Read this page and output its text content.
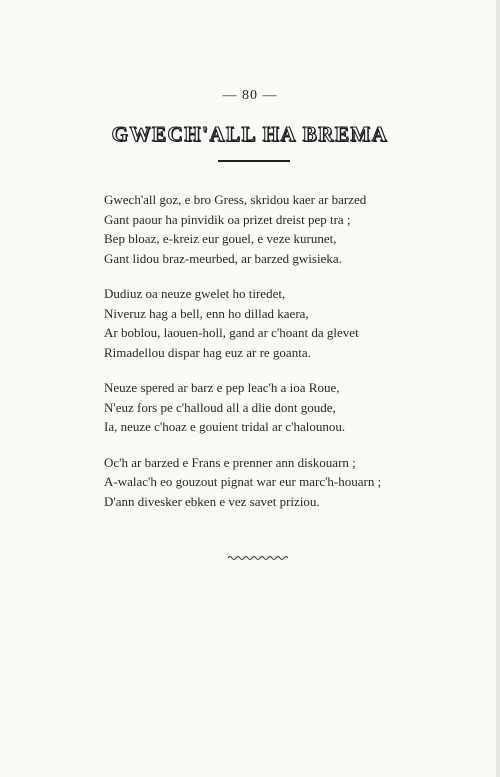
— 80 —
GWECH'ALL HA BREMA
Gwech'all goz, e bro Gress, skridou kaer ar barzed
Gant paour ha pinvidik oa prizet dreist pep tra ;
Bep bloaz, e-kreiz eur gouel, e veze kurunet,
Gant lidou braz-meurbed, ar barzed gwisieka.
Dudiuz oa neuze gwelet ho tiredet,
Niveruz hag a bell, enn ho dillad kaera,
Ar boblou, laouen-holl, gand ar c'hoant da glevet
Rimadellou dispar hag euz ar re goanta.
Neuze spered ar barz e pep leac'h a ioa Roue,
N'euz fors pe c'halloud all a dlie dont goude,
Ia, neuze c'hoaz e gouient tridal ar c'halounou.
Oc'h ar barzed e Frans e prenner ann diskouarn ;
A-walac'h eo gouzout pignat war eur marc'h-houarn ;
D'ann divesker ebken e vez savet priziou.
